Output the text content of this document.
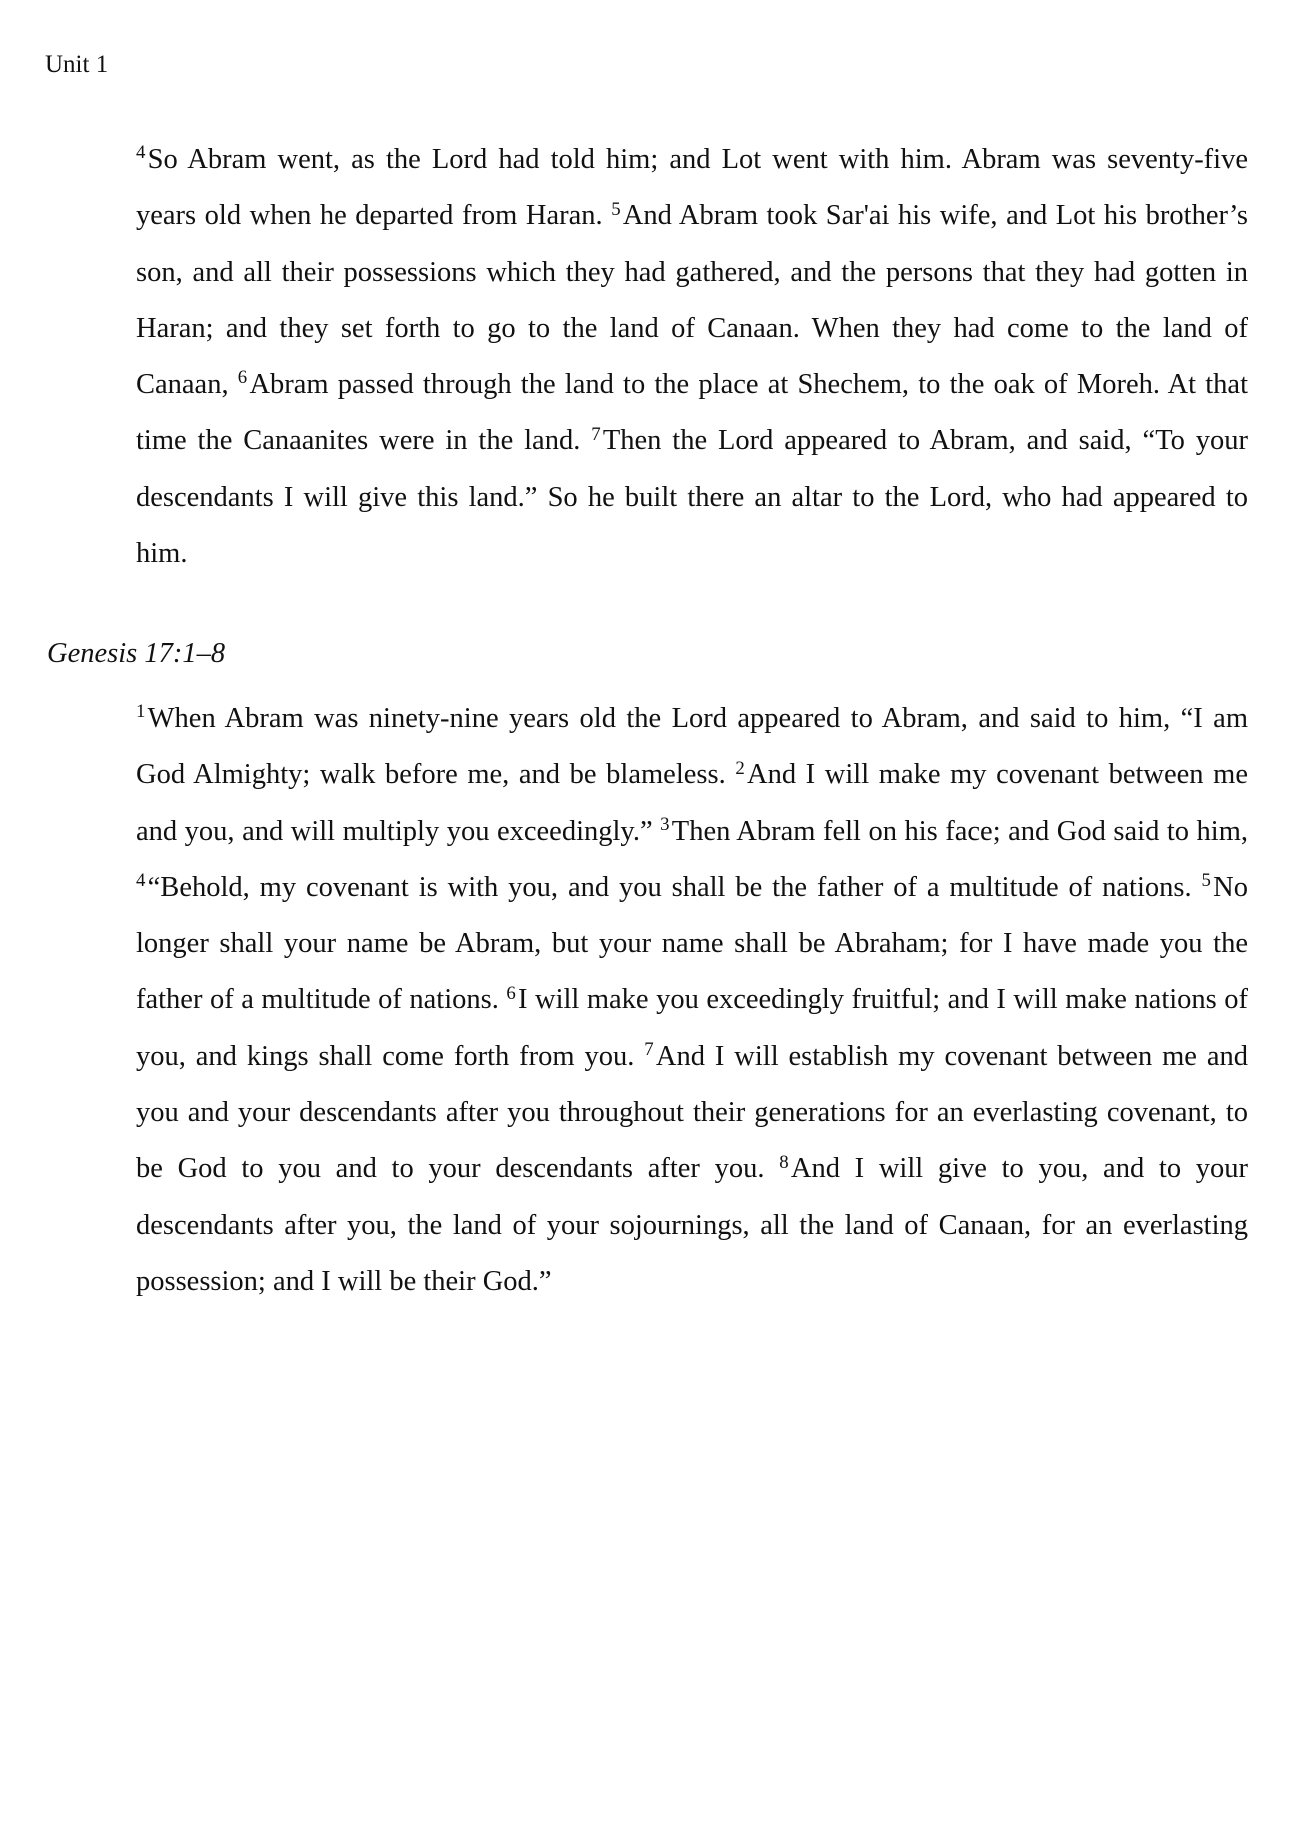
Unit 1

$^4$So Abram went, as the Lord had told him; and Lot went with him. Abram was seventy-five years old when he departed from Haran. $^5$And Abram took Sar'ai his wife, and Lot his brother’s son, and all their possessions which they had gathered, and the persons that they had gotten in Haran; and they set forth to go to the land of Canaan. When they had come to the land of Canaan, $^6$Abram passed through the land to the place at Shechem, to the oak of Moreh. At that time the Canaanites were in the land. $^7$Then the Lord appeared to Abram, and said, “To your descendants I will give this land.” So he built there an altar to the Lord, who had appeared to him.

Genesis 17:1–8

$^1$When Abram was ninety-nine years old the Lord appeared to Abram, and said to him, “I am God Almighty; walk before me, and be blameless. $^2$And I will make my covenant between me and you, and will multiply you exceedingly.” $^3$Then Abram fell on his face; and God said to him, $^4$“Behold, my covenant is with you, and you shall be the father of a multitude of nations. $^5$No longer shall your name be Abram, but your name shall be Abraham; for I have made you the father of a multitude of nations. $^6$I will make you exceedingly fruitful; and I will make nations of you, and kings shall come forth from you. $^7$And I will establish my covenant between me and you and your descendants after you throughout their generations for an everlasting covenant, to be God to you and to your descendants after you. $^8$And I will give to you, and to your descendants after you, the land of your sojournings, all the land of Canaan, for an everlasting possession; and I will be their God.”
